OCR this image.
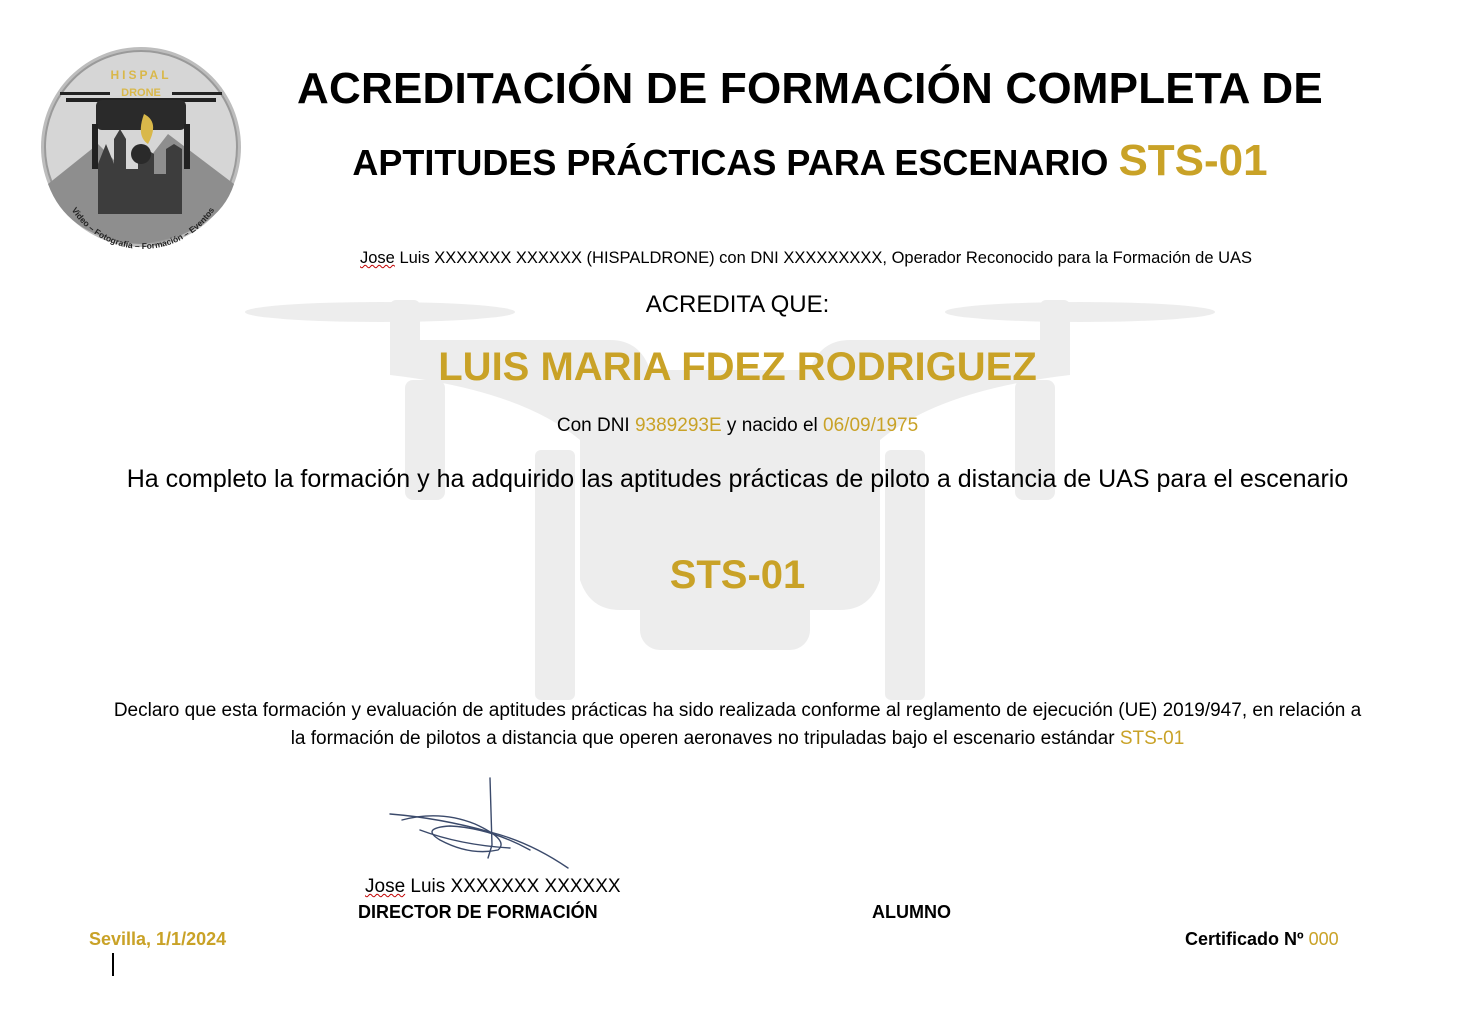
HISPAL
DRONE
Video – Fotografía – Formación – Eventos
ACREDITACIÓN DE FORMACIÓN COMPLETA DE
APTITUDES PRÁCTICAS PARA ESCENARIO STS-01
Jose Luis XXXXXXX XXXXXX (HISPALDRONE) con DNI XXXXXXXXX, Operador Reconocido para la Formación de UAS
ACREDITA QUE:
LUIS MARIA FDEZ RODRIGUEZ
Con DNI 9389293E y nacido el 06/09/1975
Ha completo la formación y ha adquirido las aptitudes prácticas de piloto a distancia de UAS para el escenario
STS-01
Declaro que esta formación y evaluación de aptitudes prácticas ha sido realizada conforme al reglamento de ejecución (UE) 2019/947, en relación a la formación de pilotos a distancia que operen aeronaves no tripuladas bajo el escenario estándar STS-01
Jose Luis XXXXXXX XXXXXX
DIRECTOR DE FORMACIÓN	ALUMNO
Sevilla, 1/1/2024	Certificado Nº 000
